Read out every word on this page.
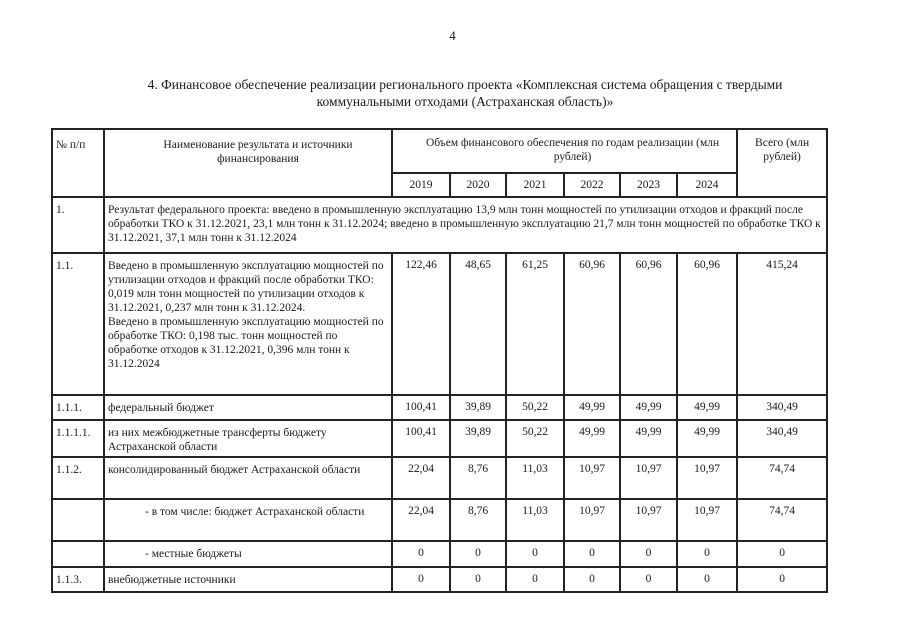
4
4. Финансовое обеспечение реализации регионального проекта «Комплексная система обращения с твердыми
коммунальными отходами (Астраханская область)»
№ п/п	Наименование результата и источники финансирования	Объем финансового обеспечения по годам реализации (млн рублей)						Всего (млн рублей)
		2019	2020	2021	2022	2023	2024	
1.	Результат федерального проекта: введено в промышленную эксплуатацию 13,9 млн тонн мощностей по утилизации отходов и фракций после обработки ТКО к 31.12.2021, 23,1 млн тонн к 31.12.2024; введено в промышленную эксплуатацию 21,7 млн тонн мощностей по обработке ТКО к 31.12.2021, 37,1 млн тонн к 31.12.2024							
1.1.	Введено в промышленную эксплуатацию мощностей по утилизации отходов и фракций после обработки ТКО: 0,019 млн тонн мощностей по утилизации отходов к 31.12.2021, 0,237 млн тонн к 31.12.2024.
Введено в промышленную эксплуатацию мощностей по обработке ТКО: 0,198 тыс. тонн мощностей по обработке отходов к 31.12.2021, 0,396 млн тонн к 31.12.2024	122,46	48,65	61,25	60,96	60,96	60,96	415,24
1.1.1.	федеральный бюджет	100,41	39,89	50,22	49,99	49,99	49,99	340,49
1.1.1.1.	из них межбюджетные трансферты бюджету Астраханской области	100,41	39,89	50,22	49,99	49,99	49,99	340,49
1.1.2.	консолидированный бюджет Астраханской области	22,04	8,76	11,03	10,97	10,97	10,97	74,74
	- в том числе: бюджет Астраханской области	22,04	8,76	11,03	10,97	10,97	10,97	74,74
	- местные бюджеты	0	0	0	0	0	0	0
1.1.3.	внебюджетные источники	0	0	0	0	0	0	0
